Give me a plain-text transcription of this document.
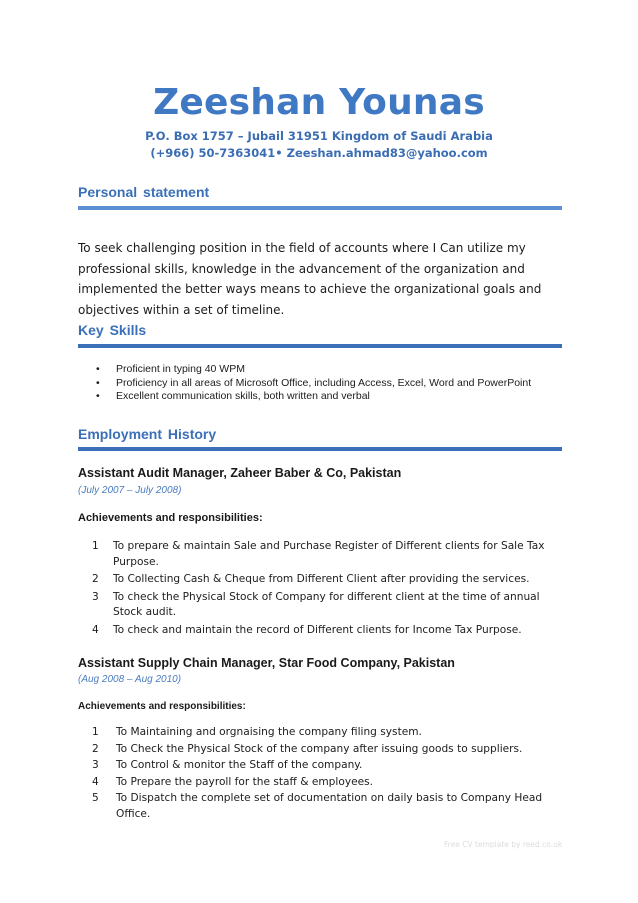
Zeeshan Younas
P.O. Box 1757 – Jubail 31951 Kingdom of Saudi Arabia
(+966) 50-7363041• Zeeshan.ahmad83@yahoo.com
Personal statement
To seek challenging position in the field of accounts where I Can utilize my professional skills, knowledge in the advancement of the organization and implemented the better ways means to achieve the organizational goals and objectives within a set of timeline.
Key Skills
• Proficient in typing 40 WPM
• Proficiency in all areas of Microsoft Office, including Access, Excel, Word and PowerPoint
• Excellent communication skills, both written and verbal
Employment History
Assistant Audit Manager, Zaheer Baber & Co, Pakistan
(July 2007 – July 2008)
Achievements and responsibilities:
1 To prepare & maintain Sale and Purchase Register of Different clients for Sale Tax Purpose.
2 To Collecting Cash & Cheque from Different Client after providing the services.
3 To check the Physical Stock of Company for different client at the time of annual Stock audit.
4 To check and maintain the record of Different clients for Income Tax Purpose.
Assistant Supply Chain Manager, Star Food Company, Pakistan
(Aug 2008 – Aug 2010)
Achievements and responsibilities:
1 To Maintaining and orgnaising the company filing system.
2 To Check the Physical Stock of the company after issuing goods to suppliers.
3 To Control & monitor the Staff of the company.
4 To Prepare the payroll for the staff & employees.
5 To Dispatch the complete set of documentation on daily basis to Company Head Office.
Free CV template by reed.co.uk
